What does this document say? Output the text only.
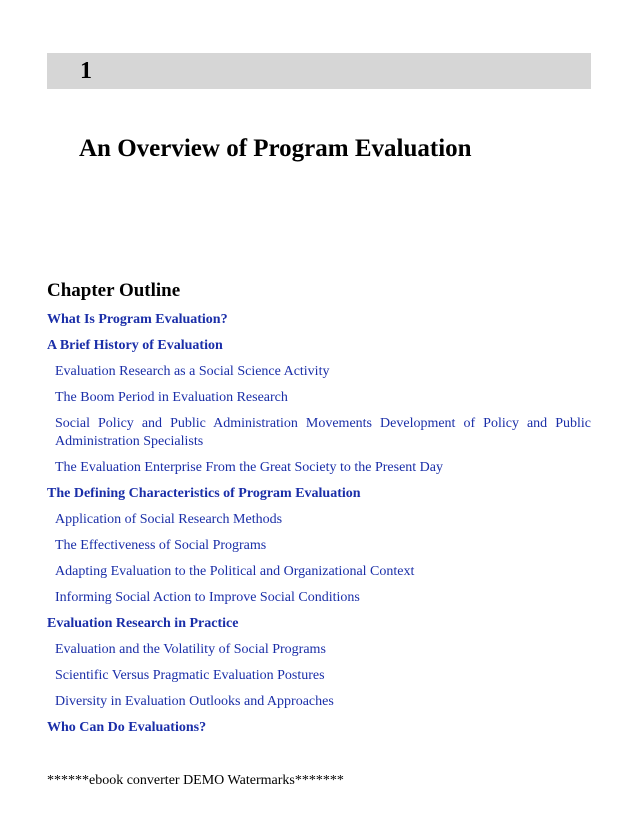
1
An Overview of Program Evaluation
Chapter Outline
What Is Program Evaluation?
A Brief History of Evaluation
Evaluation Research as a Social Science Activity
The Boom Period in Evaluation Research
Social Policy and Public Administration Movements Development of Policy and Public Administration Specialists
The Evaluation Enterprise From the Great Society to the Present Day
The Defining Characteristics of Program Evaluation
Application of Social Research Methods
The Effectiveness of Social Programs
Adapting Evaluation to the Political and Organizational Context
Informing Social Action to Improve Social Conditions
Evaluation Research in Practice
Evaluation and the Volatility of Social Programs
Scientific Versus Pragmatic Evaluation Postures
Diversity in Evaluation Outlooks and Approaches
Who Can Do Evaluations?
******ebook converter DEMO Watermarks*******
